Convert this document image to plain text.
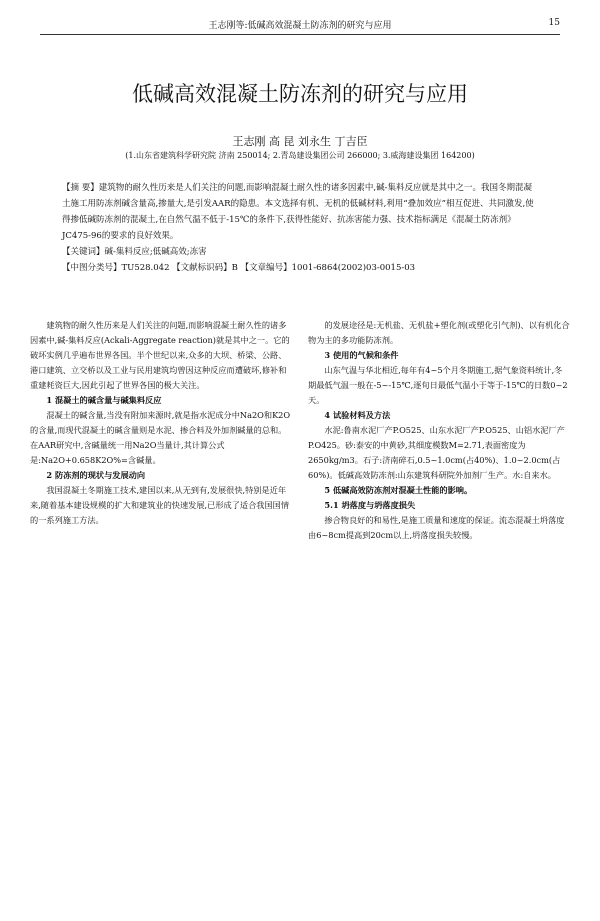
王志刚等:低碱高效混凝土防冻剂的研究与应用	15
低碱高效混凝土防冻剂的研究与应用
王志刚 高 昆 刘永生 丁吉臣
(1.山东省建筑科学研究院 济南 250014; 2.青岛建设集团公司 266000; 3.威海建设集团 164200)
【摘 要】建筑物的耐久性历来是人们关注的问题,而影响混凝土耐久性的诸多因素中,碱-集料反应就是其中之一。我国冬期混凝土施工用防冻剂碱含量高,掺量大,是引发AAR的隐患。本文选择有机、无机的低碱材料,利用“叠加效应”相互促进、共同激发,使得掺低碱防冻剂的混凝土,在自然气温不低于-15℃的条件下,获得性能好、抗冻害能力强、技术指标满足《混凝土防冻剂》JC475-96的要求的良好效果。
【关键词】碱-集料反应;低碱高效;冻害
【中图分类号】TU528.042 【文献标识码】B 【文章编号】1001-6864(2002)03-0015-03

建筑物的耐久性历来是人们关注的问题,而影响混凝土耐久性的诸多因素中,碱-集料反应(Ackali-Aggregate reaction)就是其中之一。它的破坏实例几乎遍布世界各国。半个世纪以来,众多的大坝、桥梁、公路、港口建筑、立交桥以及工业与民用建筑均曾因这种反应而遭破坏,修补和重建耗资巨大,因此引起了世界各国的极大关注。

1 混凝土的碱含量与碱集料反应

混凝土的碱含量,当没有附加来源时,就是指水泥成分中Na2O和K2O的含量,而现代混凝土的碱含量则是水泥、掺合料及外加剂碱量的总和。在AAR研究中,含碱量统一用Na2O当量计,其计算公式是:Na2O+0.658K2O%=含碱量。

2 防冻剂的现状与发展动向

我国混凝土冬期施工技术,建国以来,从无到有,发展很快,特别是近年来,随着基本建设规模的扩大和建筑业的快速发展,已形成了适合我国国情的一系列施工方法。

的发展途径是:无机盐、无机盐+塑化剂(或塑化引气剂)、以有机化合物为主的多功能防冻剂。

3 使用的气候和条件

山东气温与华北相近,每年有4~5个月冬期施工,据气象资料统计,冬期最低气温一般在-5~-15℃,逐旬日最低气温小于等于-15℃的日数0~2天。

4 试验材料及方法

水泥:鲁南水泥厂产P.O525、山东水泥厂产P.O525、山铝水泥厂产P.O425。砂:泰安的中黄砂,其细度模数M=2.71,表面密度为2650kg/m3。石子:济南碎石,0.5~1.0cm(占40%)、1.0~2.0cm(占60%)。低碱高效防冻剂:山东建筑科研院外加剂厂生产。水:自来水。

5 低碱高效防冻剂对混凝土性能的影响。

5.1 坍落度与坍落度损失

掺合物良好的和易性,是施工质量和速度的保证。流态混凝土坍落度由6~8cm提高到20cm以上,坍落度损失较慢。
